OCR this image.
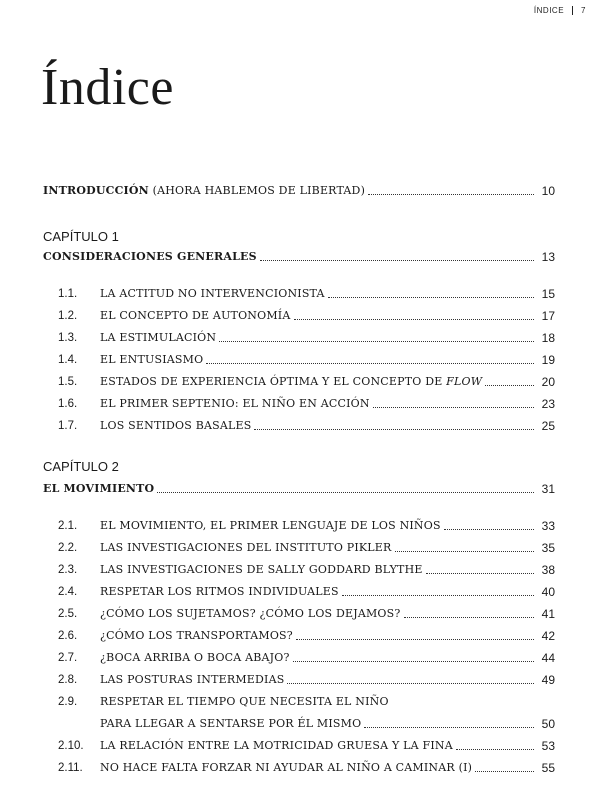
ÍNDICE 7
Índice
INTRODUCCIÓN (AHORA HABLEMOS DE LIBERTAD)	10
CAPÍTULO 1
CONSIDERACIONES GENERALES	13
1.1.	LA ACTITUD NO INTERVENCIONISTA	15
1.2.	EL CONCEPTO DE AUTONOMÍA	17
1.3.	LA ESTIMULACIÓN	18
1.4.	EL ENTUSIASMO	19
1.5.	ESTADOS DE EXPERIENCIA ÓPTIMA Y EL CONCEPTO DE FLOW	20
1.6.	EL PRIMER SEPTENIO: EL NIÑO EN ACCIÓN	23
1.7.	LOS SENTIDOS BASALES	25
CAPÍTULO 2
EL MOVIMIENTO	31
2.1.	EL MOVIMIENTO, EL PRIMER LENGUAJE DE LOS NIÑOS	33
2.2.	LAS INVESTIGACIONES DEL INSTITUTO PIKLER	35
2.3.	LAS INVESTIGACIONES DE SALLY GODDARD BLYTHE	38
2.4.	RESPETAR LOS RITMOS INDIVIDUALES	40
2.5.	¿CÓMO LOS SUJETAMOS? ¿CÓMO LOS DEJAMOS?	41
2.6.	¿CÓMO LOS TRANSPORTAMOS?	42
2.7.	¿BOCA ARRIBA O BOCA ABAJO?	44
2.8.	LAS POSTURAS INTERMEDIAS	49
2.9.	RESPETAR EL TIEMPO QUE NECESITA EL NIÑO
PARA LLEGAR A SENTARSE POR ÉL MISMO	50
2.10.	LA RELACIÓN ENTRE LA MOTRICIDAD GRUESA Y LA FINA	53
2.11.	NO HACE FALTA FORZAR NI AYUDAR AL NIÑO A CAMINAR (I)	55
